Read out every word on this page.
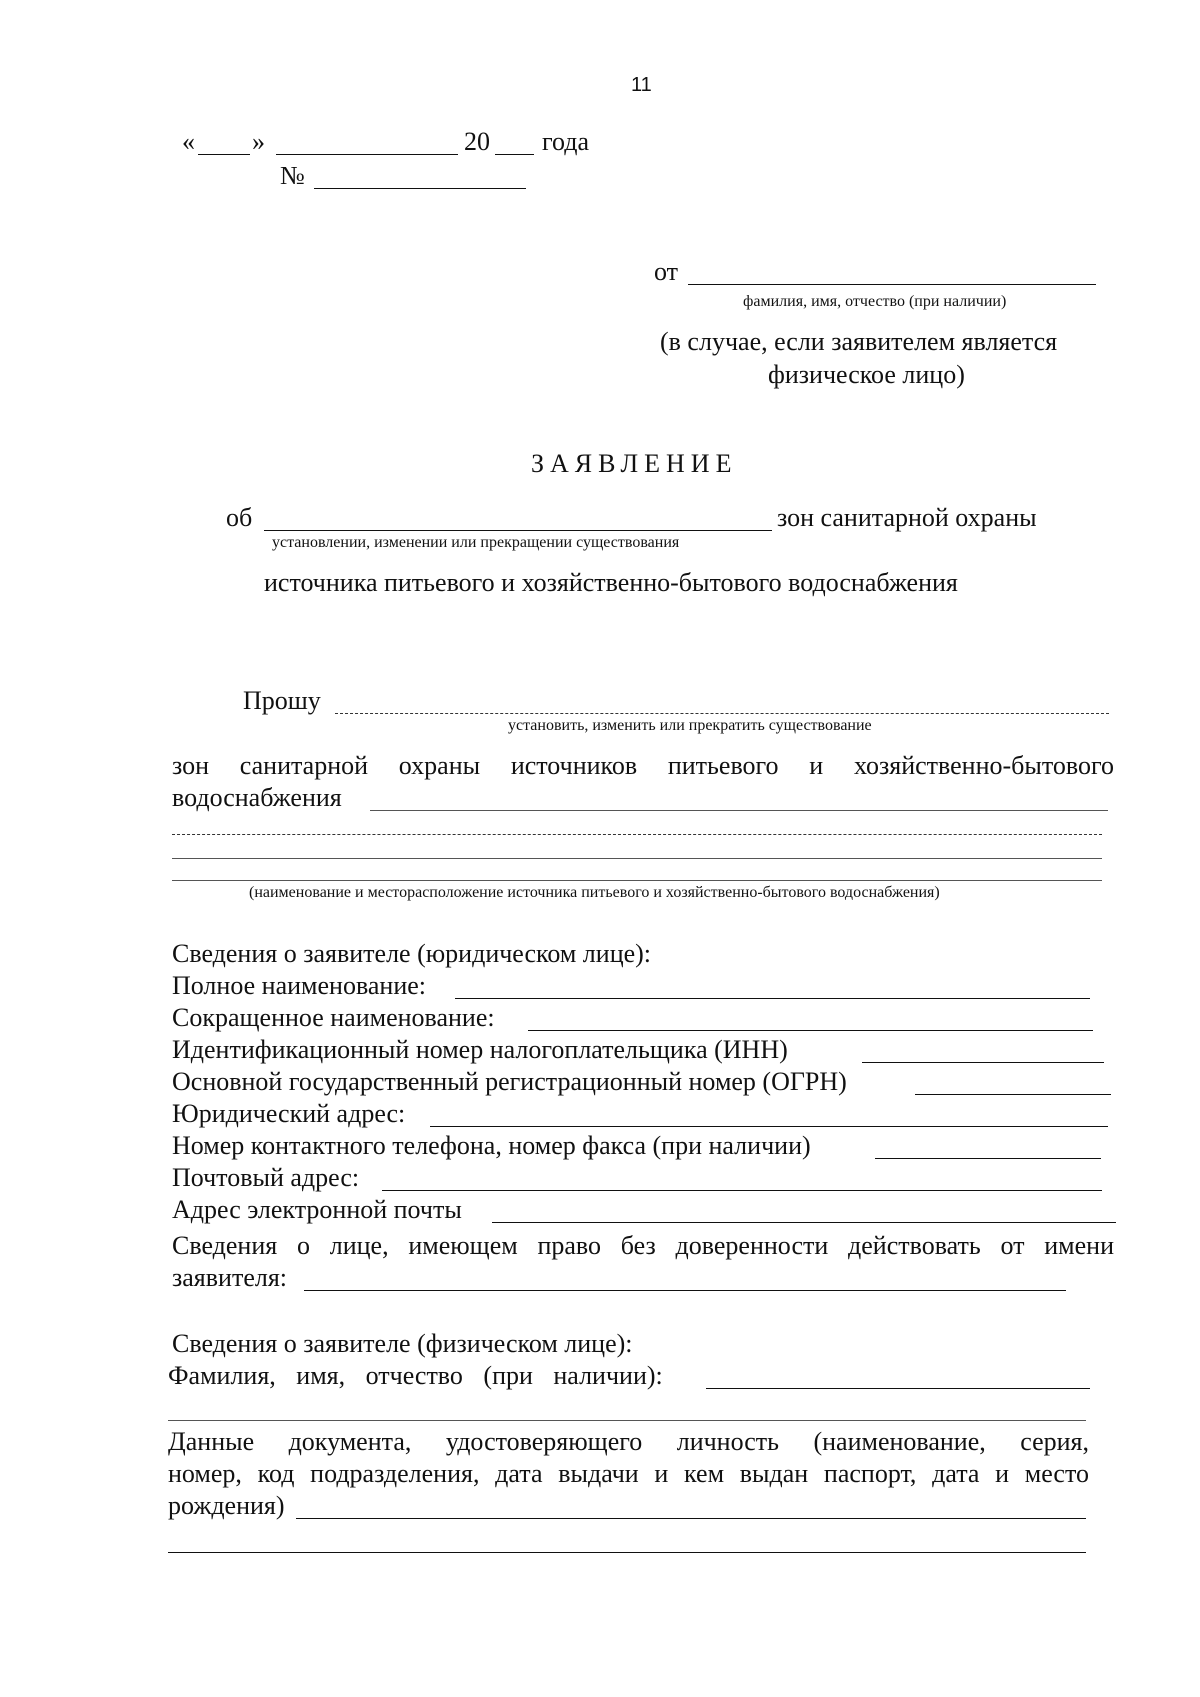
11
« »	20 года
№
от
фамилия, имя, отчество (при наличии)
(в случае, если заявителем является
физическое лицо)
ЗАЯВЛЕНИЕ
об	зон санитарной охраны
установлении, изменении или прекращении существования
источника питьевого и хозяйственно-бытового водоснабжения
Прошу
установить, изменить или прекратить существование
зон санитарной охраны источников питьевого и хозяйственно-бытового
водоснабжения
(наименование и месторасположение источника питьевого и хозяйственно-бытового водоснабжения)
Сведения о заявителе (юридическом лице):
Полное наименование:
Сокращенное наименование:
Идентификационный номер налогоплательщика (ИНН)
Основной государственный регистрационный номер (ОГРН)
Юридический адрес:
Номер контактного телефона, номер факса (при наличии)
Почтовый адрес:
Адрес электронной почты
Сведения о лице, имеющем право без доверенности действовать от имени
заявителя:
Сведения о заявителе (физическом лице):
Фамилия, имя, отчество (при наличии):
Данные документа, удостоверяющего личность (наименование, серия,
номер, код подразделения, дата выдачи и кем выдан паспорт, дата и место
рождения)
